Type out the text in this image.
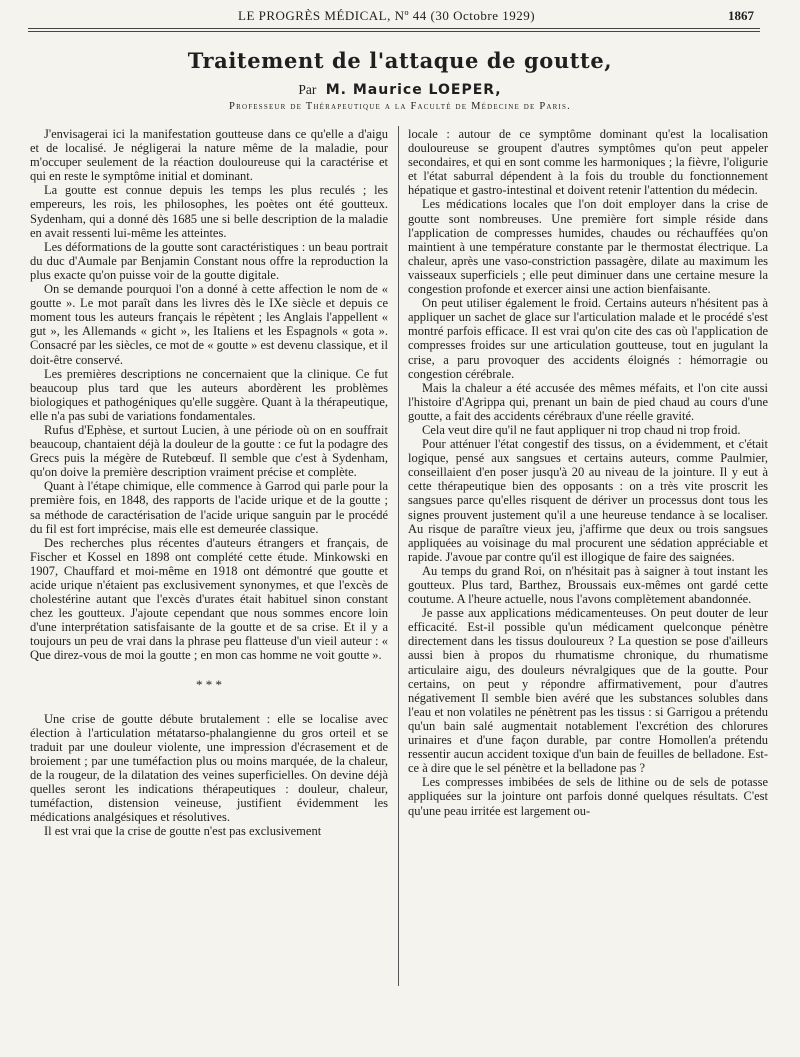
LE PROGRÈS MÉDICAL, Nº 44 (30 Octobre 1929)	1867
Traitement de l'attaque de goutte,
Par M. Maurice LOEPER,
Professeur de Thérapeutique a la Faculté de Médecine de Paris.

J'envisagerai ici la manifestation goutteuse dans ce qu'elle a d'aigu et de localisé. Je négligerai la nature même de la maladie, pour m'occuper seulement de la réaction douloureuse qui la caractérise et qui en reste le symptôme initial et dominant.

La goutte est connue depuis les temps les plus reculés ; les empereurs, les rois, les philosophes, les poètes ont été goutteux. Sydenham, qui a donné dès 1685 une si belle description de la maladie en avait ressenti lui-même les atteintes.

Les déformations de la goutte sont caractéristiques : un beau portrait du duc d'Aumale par Benjamin Constant nous offre la reproduction la plus exacte qu'on puisse voir de la goutte digitale.

On se demande pourquoi l'on a donné à cette affection le nom de « goutte ». Le mot paraît dans les livres dès le IXe siècle et depuis ce moment tous les auteurs français le répètent ; les Anglais l'appellent « gut », les Allemands « gicht », les Italiens et les Espagnols « gota ». Consacré par les siècles, ce mot de « goutte » est devenu classique, et il doit-être conservé.

Les premières descriptions ne concernaient que la clinique. Ce fut beaucoup plus tard que les auteurs abordèrent les problèmes biologiques et pathogéniques qu'elle suggère. Quant à la thérapeutique, elle n'a pas subi de variations fondamentales.

Rufus d'Ephèse, et surtout Lucien, à une période où on en souffrait beaucoup, chantaient déjà la douleur de la goutte : ce fut la podagre des Grecs puis la mégère de Rutebœuf. Il semble que c'est à Sydenham, qu'on doive la première description vraiment précise et complète.

Quant à l'étape chimique, elle commence à Garrod qui parle pour la première fois, en 1848, des rapports de l'acide urique et de la goutte ; sa méthode de caractérisation de l'acide urique sanguin par le procédé du fil est fort imprécise, mais elle est demeurée classique.

Des recherches plus récentes d'auteurs étrangers et français, de Fischer et Kossel en 1898 ont complété cette étude. Minkowski en 1907, Chauffard et moi-même en 1918 ont démontré que goutte et acide urique n'étaient pas exclusivement synonymes, et que l'excès de cholestérine autant que l'excès d'urates était habituel sinon constant chez les goutteux. J'ajoute cependant que nous sommes encore loin d'une interprétation satisfaisante de la goutte et de sa crise. Et il y a toujours un peu de vrai dans la phrase peu flatteuse d'un vieil auteur : « Que direz-vous de moi la goutte ; en mon cas homme ne voit goutte ».

* * *

Une crise de goutte débute brutalement : elle se localise avec élection à l'articulation métatarso-phalangienne du gros orteil et se traduit par une douleur violente, une impression d'écrasement et de broiement ; par une tuméfaction plus ou moins marquée, de la chaleur, de la rougeur, de la dilatation des veines superficielles. On devine déjà quelles seront les indications thérapeutiques : douleur, chaleur, tuméfaction, distension veineuse, justifient évidemment les médications analgésiques et résolutives.

Il est vrai que la crise de goutte n'est pas exclusivement

locale : autour de ce symptôme dominant qu'est la localisation douloureuse se groupent d'autres symptômes qu'on peut appeler secondaires, et qui en sont comme les harmoniques ; la fièvre, l'oligurie et l'état saburral dépendent à la fois du trouble du fonctionnement hépatique et gastro-intestinal et doivent retenir l'attention du médecin.

Les médications locales que l'on doit employer dans la crise de goutte sont nombreuses. Une première fort simple réside dans l'application de compresses humides, chaudes ou réchauffées qu'on maintient à une température constante par le thermostat électrique. La chaleur, après une vaso-constriction passagère, dilate au maximum les vaisseaux superficiels ; elle peut diminuer dans une certaine mesure la congestion profonde et exercer ainsi une action bienfaisante.

On peut utiliser également le froid. Certains auteurs n'hésitent pas à appliquer un sachet de glace sur l'articulation malade et le procédé s'est montré parfois efficace. Il est vrai qu'on cite des cas où l'application de compresses froides sur une articulation goutteuse, tout en jugulant la crise, a paru provoquer des accidents éloignés : hémorragie ou congestion cérébrale.

Mais la chaleur a été accusée des mêmes méfaits, et l'on cite aussi l'histoire d'Agrippa qui, prenant un bain de pied chaud au cours d'une goutte, a fait des accidents cérébraux d'une réelle gravité.

Cela veut dire qu'il ne faut appliquer ni trop chaud ni trop froid.

Pour atténuer l'état congestif des tissus, on a évidemment, et c'était logique, pensé aux sangsues et certains auteurs, comme Paulmier, conseillaient d'en poser jusqu'à 20 au niveau de la jointure. Il y eut à cette thérapeutique bien des opposants : on a très vite proscrit les sangsues parce qu'elles risquent de dériver un processus dont tous les signes prouvent justement qu'il a une heureuse tendance à se localiser. Au risque de paraître vieux jeu, j'affirme que deux ou trois sangsues appliquées au voisinage du mal procurent une sédation appréciable et rapide. J'avoue par contre qu'il est illogique de faire des saignées.

Au temps du grand Roi, on n'hésitait pas à saigner à tout instant les goutteux. Plus tard, Barthez, Broussais eux-mêmes ont gardé cette coutume. A l'heure actuelle, nous l'avons complètement abandonnée.

Je passe aux applications médicamenteuses. On peut douter de leur efficacité. Est-il possible qu'un médicament quelconque pénètre directement dans les tissus douloureux ? La question se pose d'ailleurs aussi bien à propos du rhumatisme chronique, du rhumatisme articulaire aigu, des douleurs névralgiques que de la goutte. Pour certains, on peut y répondre affirmativement, pour d'autres négativement Il semble bien avéré que les substances solubles dans l'eau et non volatiles ne pénètrent pas les tissus : si Garrigou a prétendu qu'un bain salé augmentait notablement l'excrétion des chlorures urinaires et d'une façon durable, par contre Homollen'a prétendu ressentir aucun accident toxique d'un bain de feuilles de belladone. Est-ce à dire que le sel pénètre et la belladone pas ?

Les compresses imbibées de sels de lithine ou de sels de potasse appliquées sur la jointure ont parfois donné quelques résultats. C'est qu'une peau irritée est largement ou-
